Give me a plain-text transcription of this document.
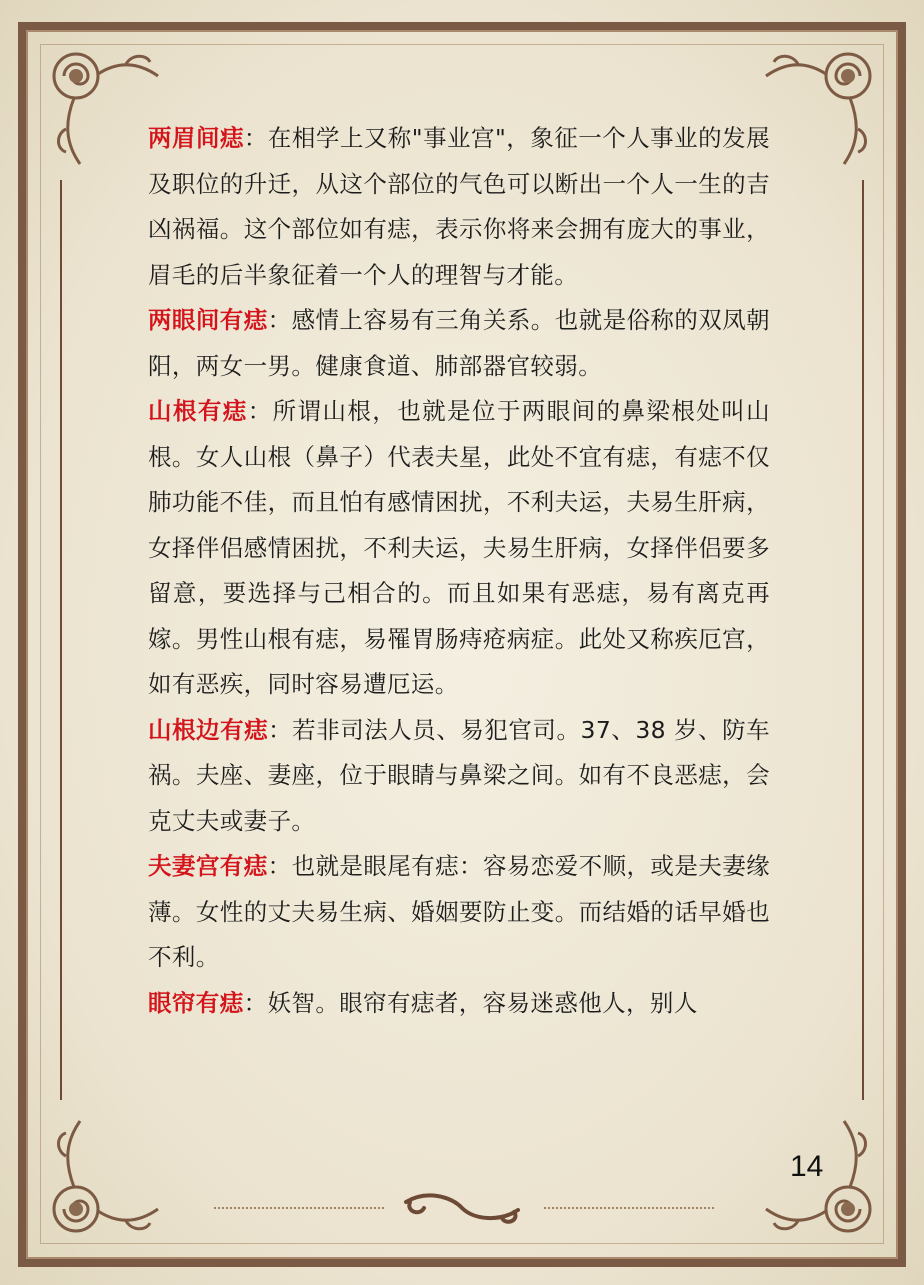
两眉间痣：在相学上又称"事业宫"，象征一个人事业的发展及职位的升迁，从这个部位的气色可以断出一个人一生的吉凶祸福。这个部位如有痣，表示你将来会拥有庞大的事业，眉毛的后半象征着一个人的理智与才能。

两眼间有痣：感情上容易有三角关系。也就是俗称的双凤朝阳，两女一男。健康食道、肺部器官较弱。

山根有痣：所谓山根，也就是位于两眼间的鼻梁根处叫山根。女人山根（鼻子）代表夫星，此处不宜有痣，有痣不仅肺功能不佳，而且怕有感情困扰，不利夫运，夫易生肝病，女择伴侣感情困扰，不利夫运，夫易生肝病，女择伴侣要多留意，要选择与己相合的。而且如果有恶痣，易有离克再嫁。男性山根有痣，易罹胃肠痔疮病症。此处又称疾厄宫，如有恶疾，同时容易遭厄运。

山根边有痣：若非司法人员、易犯官司。37、38 岁、防车祸。夫座、妻座，位于眼睛与鼻梁之间。如有不良恶痣，会克丈夫或妻子。

夫妻宫有痣：也就是眼尾有痣：容易恋爱不顺，或是夫妻缘薄。女性的丈夫易生病、婚姻要防止变。而结婚的话早婚也不利。

眼帘有痣：妖智。眼帘有痣者，容易迷惑他人，别人

14
